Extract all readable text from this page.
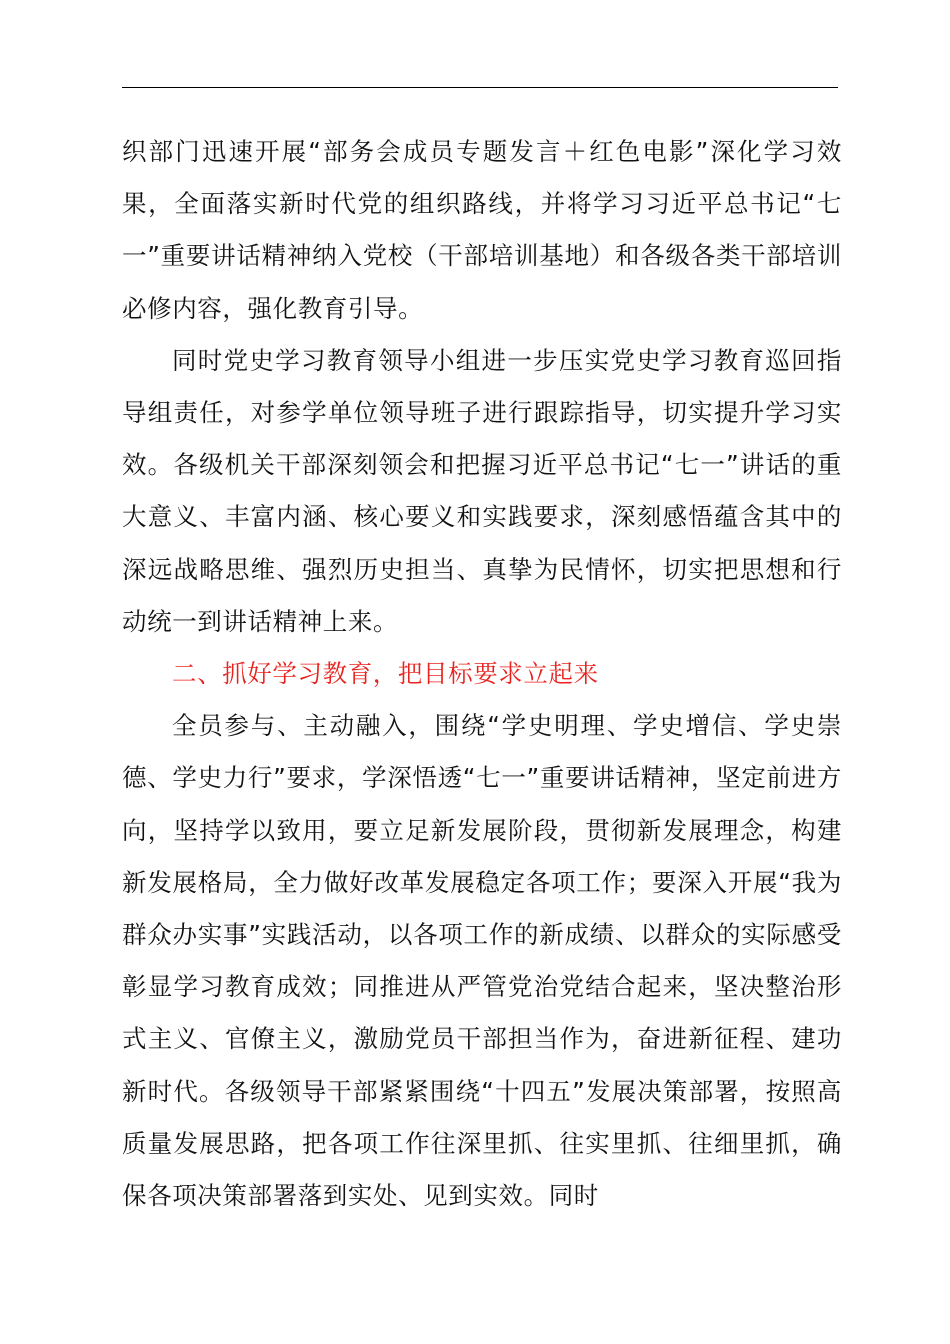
织部门迅速开展“部务会成员专题发言＋红色电影”深化学习效果，全面落实新时代党的组织路线，并将学习习近平总书记“七一”重要讲话精神纳入党校（干部培训基地）和各级各类干部培训必修内容，强化教育引导。

同时党史学习教育领导小组进一步压实党史学习教育巡回指导组责任，对参学单位领导班子进行跟踪指导，切实提升学习实效。各级机关干部深刻领会和把握习近平总书记“七一”讲话的重大意义、丰富内涵、核心要义和实践要求，深刻感悟蕴含其中的深远战略思维、强烈历史担当、真挚为民情怀，切实把思想和行动统一到讲话精神上来。

二、抓好学习教育，把目标要求立起来

全员参与、主动融入，围绕“学史明理、学史增信、学史崇德、学史力行”要求，学深悟透“七一”重要讲话精神，坚定前进方向，坚持学以致用，要立足新发展阶段，贯彻新发展理念，构建新发展格局，全力做好改革发展稳定各项工作；要深入开展“我为群众办实事”实践活动，以各项工作的新成绩、以群众的实际感受彰显学习教育成效；同推进从严管党治党结合起来，坚决整治形式主义、官僚主义，激励党员干部担当作为，奋进新征程、建功新时代。各级领导干部紧紧围绕“十四五”发展决策部署，按照高质量发展思路，把各项工作往深里抓、往实里抓、往细里抓，确保各项决策部署落到实处、见到实效。同时
